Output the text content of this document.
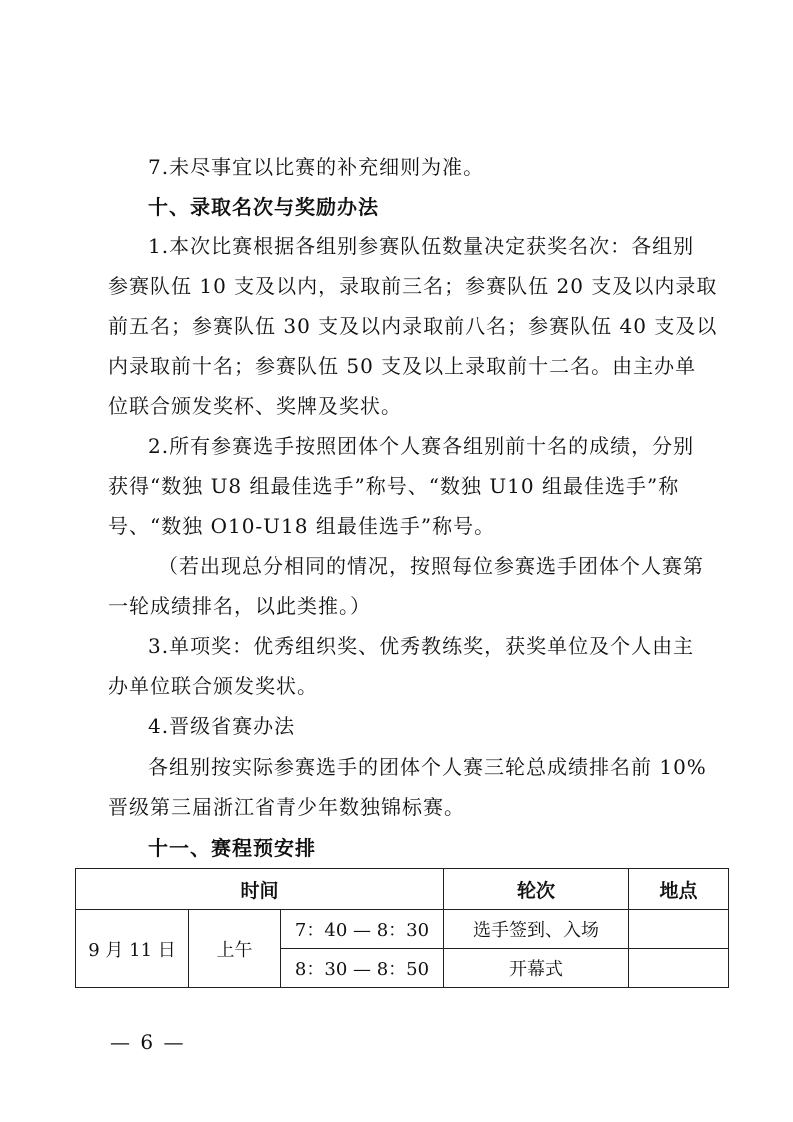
7.未尽事宜以比赛的补充细则为准。
十、录取名次与奖励办法
1.本次比赛根据各组别参赛队伍数量决定获奖名次：各组别
参赛队伍 10 支及以内，录取前三名；参赛队伍 20 支及以内录取
前五名；参赛队伍 30 支及以内录取前八名；参赛队伍 40 支及以
内录取前十名；参赛队伍 50 支及以上录取前十二名。由主办单
位联合颁发奖杯、奖牌及奖状。
2.所有参赛选手按照团体个人赛各组别前十名的成绩，分别
获得“数独 U8 组最佳选手”称号、“数独 U10 组最佳选手”称
号、“数独 O10-U18 组最佳选手”称号。
（若出现总分相同的情况，按照每位参赛选手团体个人赛第
一轮成绩排名，以此类推。）
3.单项奖：优秀组织奖、优秀教练奖，获奖单位及个人由主
办单位联合颁发奖状。
4.晋级省赛办法
各组别按实际参赛选手的团体个人赛三轮总成绩排名前 10%
晋级第三届浙江省青少年数独锦标赛。
十一、赛程预安排
时间			轮次	地点
9 月 11 日	上午	7：40 — 8：30	选手签到、入场	
		8：30 — 8：50	开幕式	
— 6 —
